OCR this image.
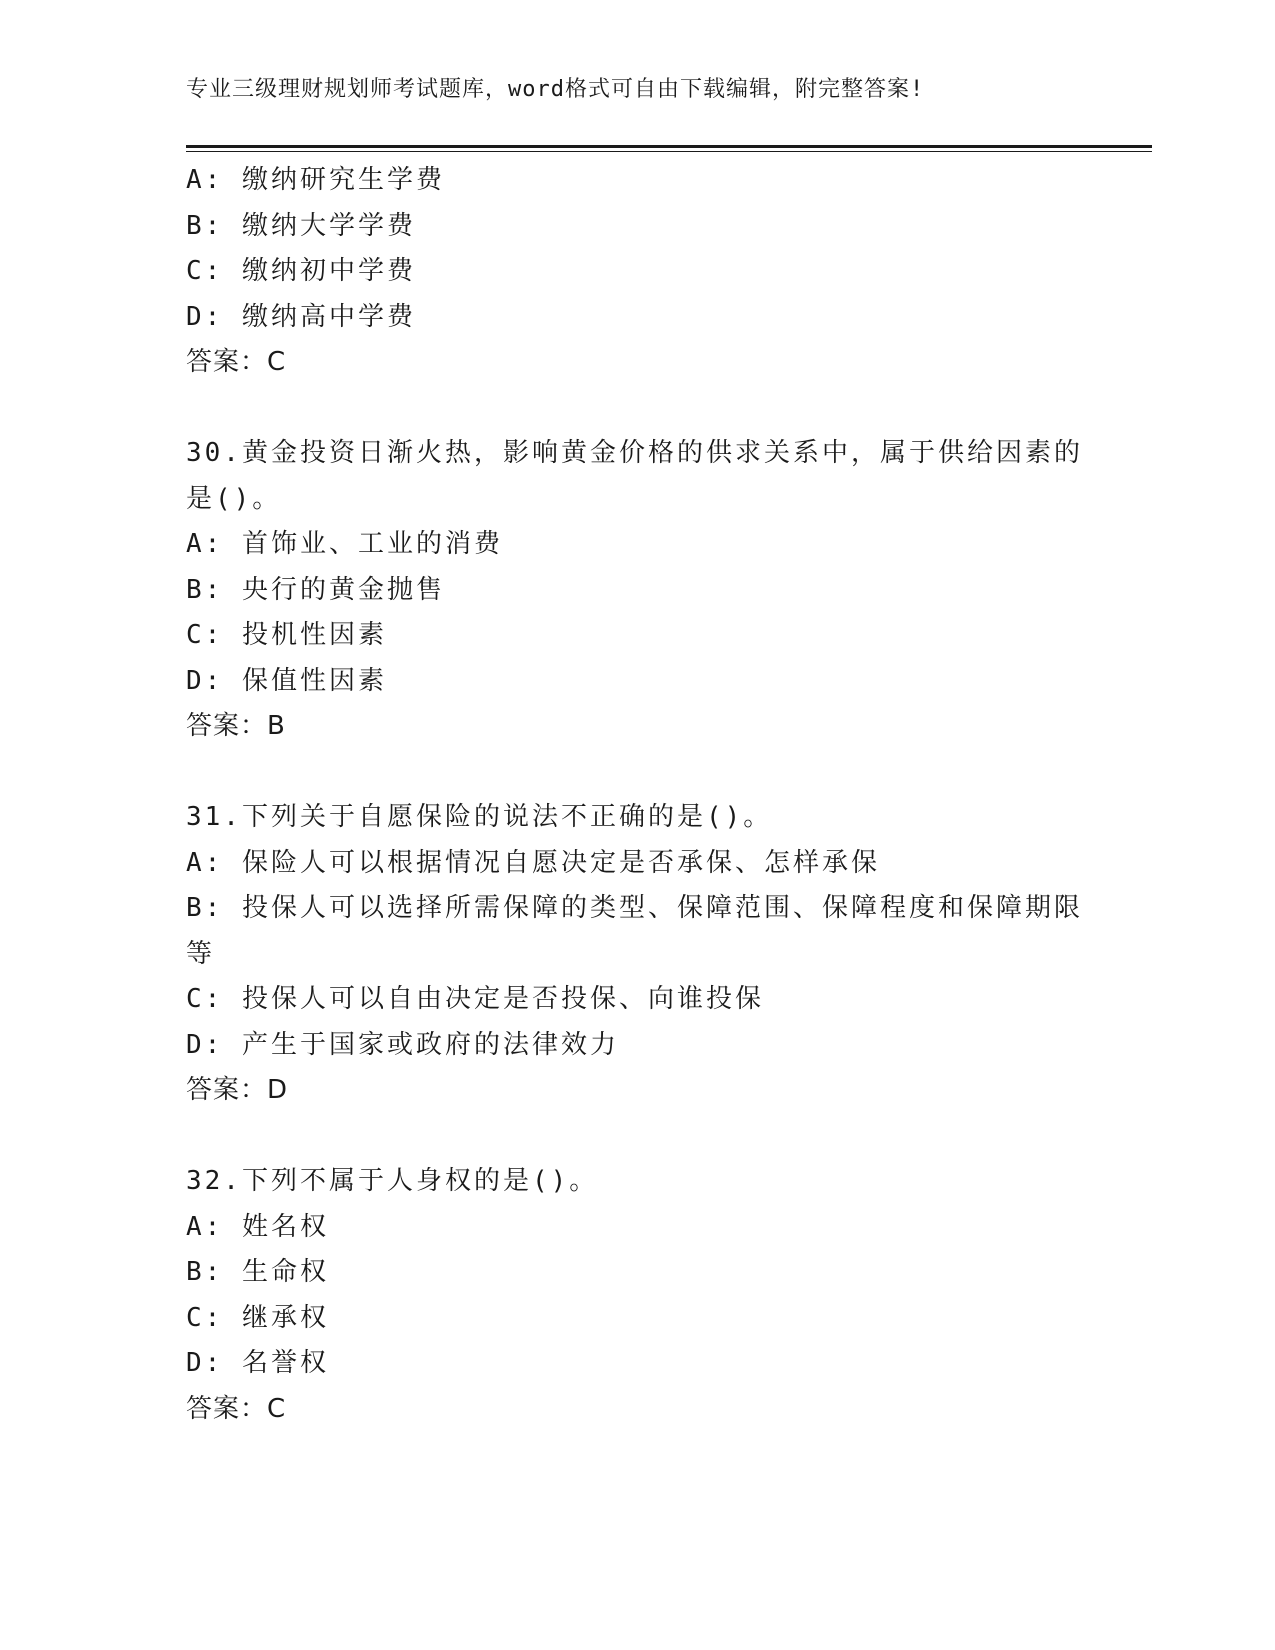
专业三级理财规划师考试题库，word格式可自由下载编辑，附完整答案!
A: 缴纳研究生学费
B: 缴纳大学学费
C: 缴纳初中学费
D: 缴纳高中学费
答案：C
30.黄金投资日渐火热，影响黄金价格的供求关系中，属于供给因素的是()。
A: 首饰业、工业的消费
B: 央行的黄金抛售
C: 投机性因素
D: 保值性因素
答案：B
31.下列关于自愿保险的说法不正确的是()。
A: 保险人可以根据情况自愿决定是否承保、怎样承保
B: 投保人可以选择所需保障的类型、保障范围、保障程度和保障期限等
C: 投保人可以自由决定是否投保、向谁投保
D: 产生于国家或政府的法律效力
答案：D
32.下列不属于人身权的是()。
A: 姓名权
B: 生命权
C: 继承权
D: 名誉权
答案：C
